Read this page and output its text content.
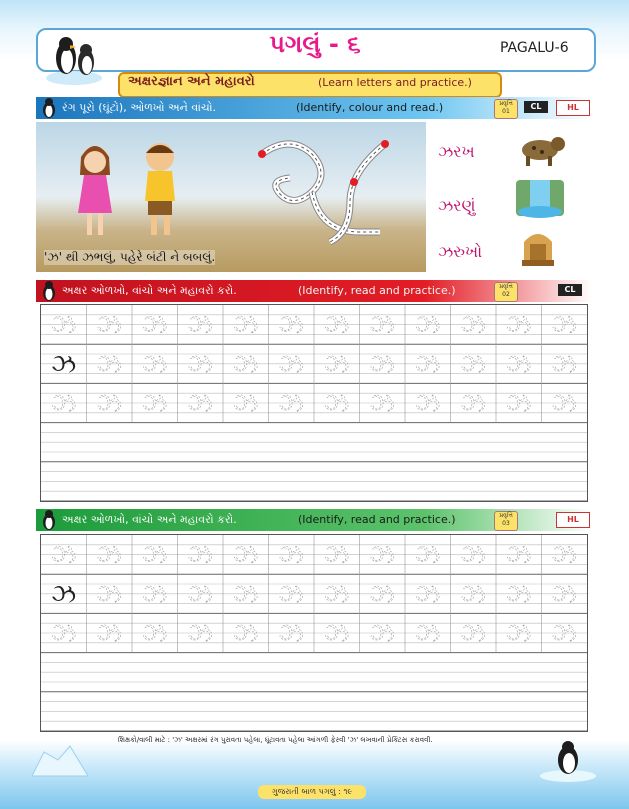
પગલું - ૬	PAGALU-6
અક્ષરજ્ઞાન અને મહાવરો	(Learn letters and practice.)
રંગ પૂરો (ઘૂંટો), ઓળખો અને વાંચો.	(Identify, colour and read.)	પ્રવૃત્તિ 01
CL	HL
'ઝ' થી ઝભલું, પહેરે બંટી ને બબલું.
ઝરખ
ઝરણું
ઝરુખો
અક્ષર ઓળખો, વાંચો અને મહાવરો કરો.	(Identify, read and practice.)	પ્રવૃત્તિ 02
CL
ઝ ઝ ઝ ઝ ઝ ઝ ઝ ઝ ઝ ઝ ઝ ઝ
ઝ ઝ ઝ ઝ ઝ ઝ ઝ ઝ ઝ ઝ ઝ ઝ
ઝ ઝ ઝ ઝ ઝ ઝ ઝ ઝ ઝ ઝ ઝ ઝ
અક્ષર ઓળખો, વાંચો અને મહાવરો કરો.	(Identify, read and practice.)	પ્રવૃત્તિ 03	HL
ઝ ઝ ઝ ઝ ઝ ઝ ઝ ઝ ઝ ઝ ઝ ઝ
ઝ ઝ ઝ ઝ ઝ ઝ ઝ ઝ ઝ ઝ ઝ ઝ
ઝ ઝ ઝ ઝ ઝ ઝ ઝ ઝ ઝ ઝ ઝ ઝ
શિક્ષકો/વાલી માટે : 'ઝ' અક્ષરમાં રંગ પુરાવતા પહેલા, ઘૂંટાવતા પહેલા આંગળી ફેરવી 'ઝ' લખવાની પ્રેક્ટિસ કરાવવી.
ગુજરાતી બાળ પગલું : ૧૯
